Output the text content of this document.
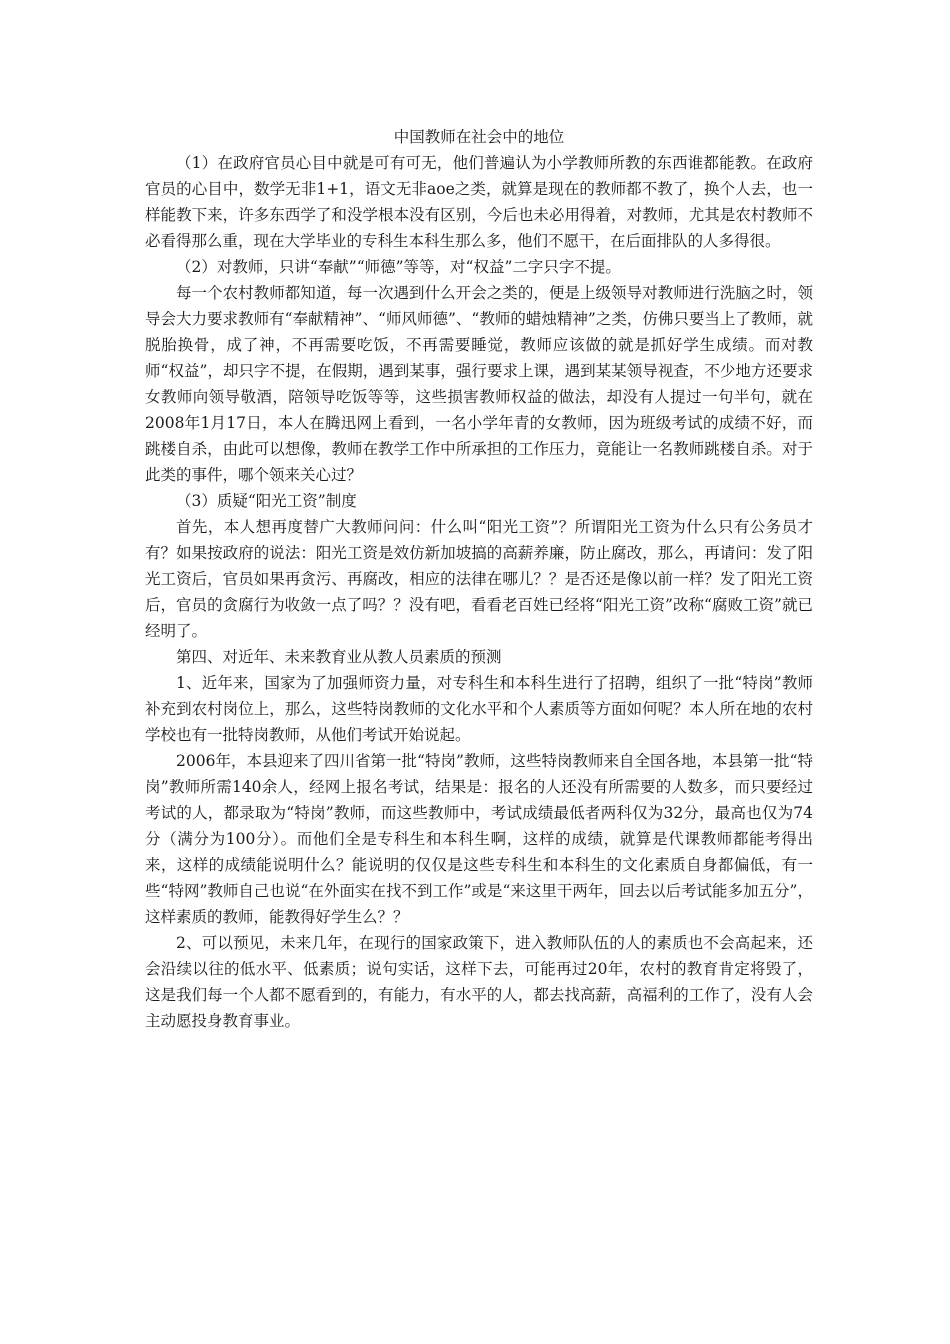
中国教师在社会中的地位

（1）在政府官员心目中就是可有可无，他们普遍认为小学教师所教的东西谁都能教。在政府官员的心目中，数学无非1+1，语文无非aoe之类，就算是现在的教师都不教了，换个人去，也一样能教下来，许多东西学了和没学根本没有区别，今后也未必用得着，对教师，尤其是农村教师不必看得那么重，现在大学毕业的专科生本科生那么多，他们不愿干，在后面排队的人多得很。

（2）对教师，只讲“奉献”“师德”等等，对“权益”二字只字不提。

每一个农村教师都知道，每一次遇到什么开会之类的，便是上级领导对教师进行洗脑之时，领导会大力要求教师有“奉献精神”、“师风师德”、“教师的蜡烛精神”之类，仿佛只要当上了教师，就脱胎换骨，成了神，不再需要吃饭，不再需要睡觉，教师应该做的就是抓好学生成绩。而对教师“权益”，却只字不提，在假期，遇到某事，强行要求上课，遇到某某领导视查，不少地方还要求女教师向领导敬酒，陪领导吃饭等等，这些损害教师权益的做法，却没有人提过一句半句，就在2008年1月17日，本人在腾迅网上看到，一名小学年青的女教师，因为班级考试的成绩不好，而跳楼自杀，由此可以想像，教师在教学工作中所承担的工作压力，竟能让一名教师跳楼自杀。对于此类的事件，哪个领来关心过？

（3）质疑“阳光工资”制度

首先，本人想再度替广大教师问问：什么叫“阳光工资”？所谓阳光工资为什么只有公务员才有？如果按政府的说法：阳光工资是效仿新加坡搞的高薪养廉，防止腐改，那么，再请问：发了阳光工资后，官员如果再贪污、再腐改，相应的法律在哪儿？？是否还是像以前一样？发了阳光工资后，官员的贪腐行为收敛一点了吗？？没有吧，看看老百姓已经将“阳光工资”改称“腐败工资”就已经明了。

第四、对近年、未来教育业从教人员素质的预测

1、近年来，国家为了加强师资力量，对专科生和本科生进行了招聘，组织了一批“特岗”教师补充到农村岗位上，那么，这些特岗教师的文化水平和个人素质等方面如何呢？本人所在地的农村学校也有一批特岗教师，从他们考试开始说起。

2006年，本县迎来了四川省第一批“特岗”教师，这些特岗教师来自全国各地，本县第一批“特岗”教师所需140余人，经网上报名考试，结果是：报名的人还没有所需要的人数多，而只要经过考试的人，都录取为“特岗”教师，而这些教师中，考试成绩最低者两科仅为32分，最高也仅为74分（满分为100分）。而他们全是专科生和本科生啊，这样的成绩，就算是代课教师都能考得出来，这样的成绩能说明什么？能说明的仅仅是这些专科生和本科生的文化素质自身都偏低，有一些“特网”教师自己也说“在外面实在找不到工作”或是“来这里干两年，回去以后考试能多加五分”，这样素质的教师，能教得好学生么？？

2、可以预见，未来几年，在现行的国家政策下，进入教师队伍的人的素质也不会高起来，还会沿续以往的低水平、低素质；说句实话，这样下去，可能再过20年，农村的教育肯定将毁了，这是我们每一个人都不愿看到的，有能力，有水平的人，都去找高薪，高福利的工作了，没有人会主动愿投身教育事业。
